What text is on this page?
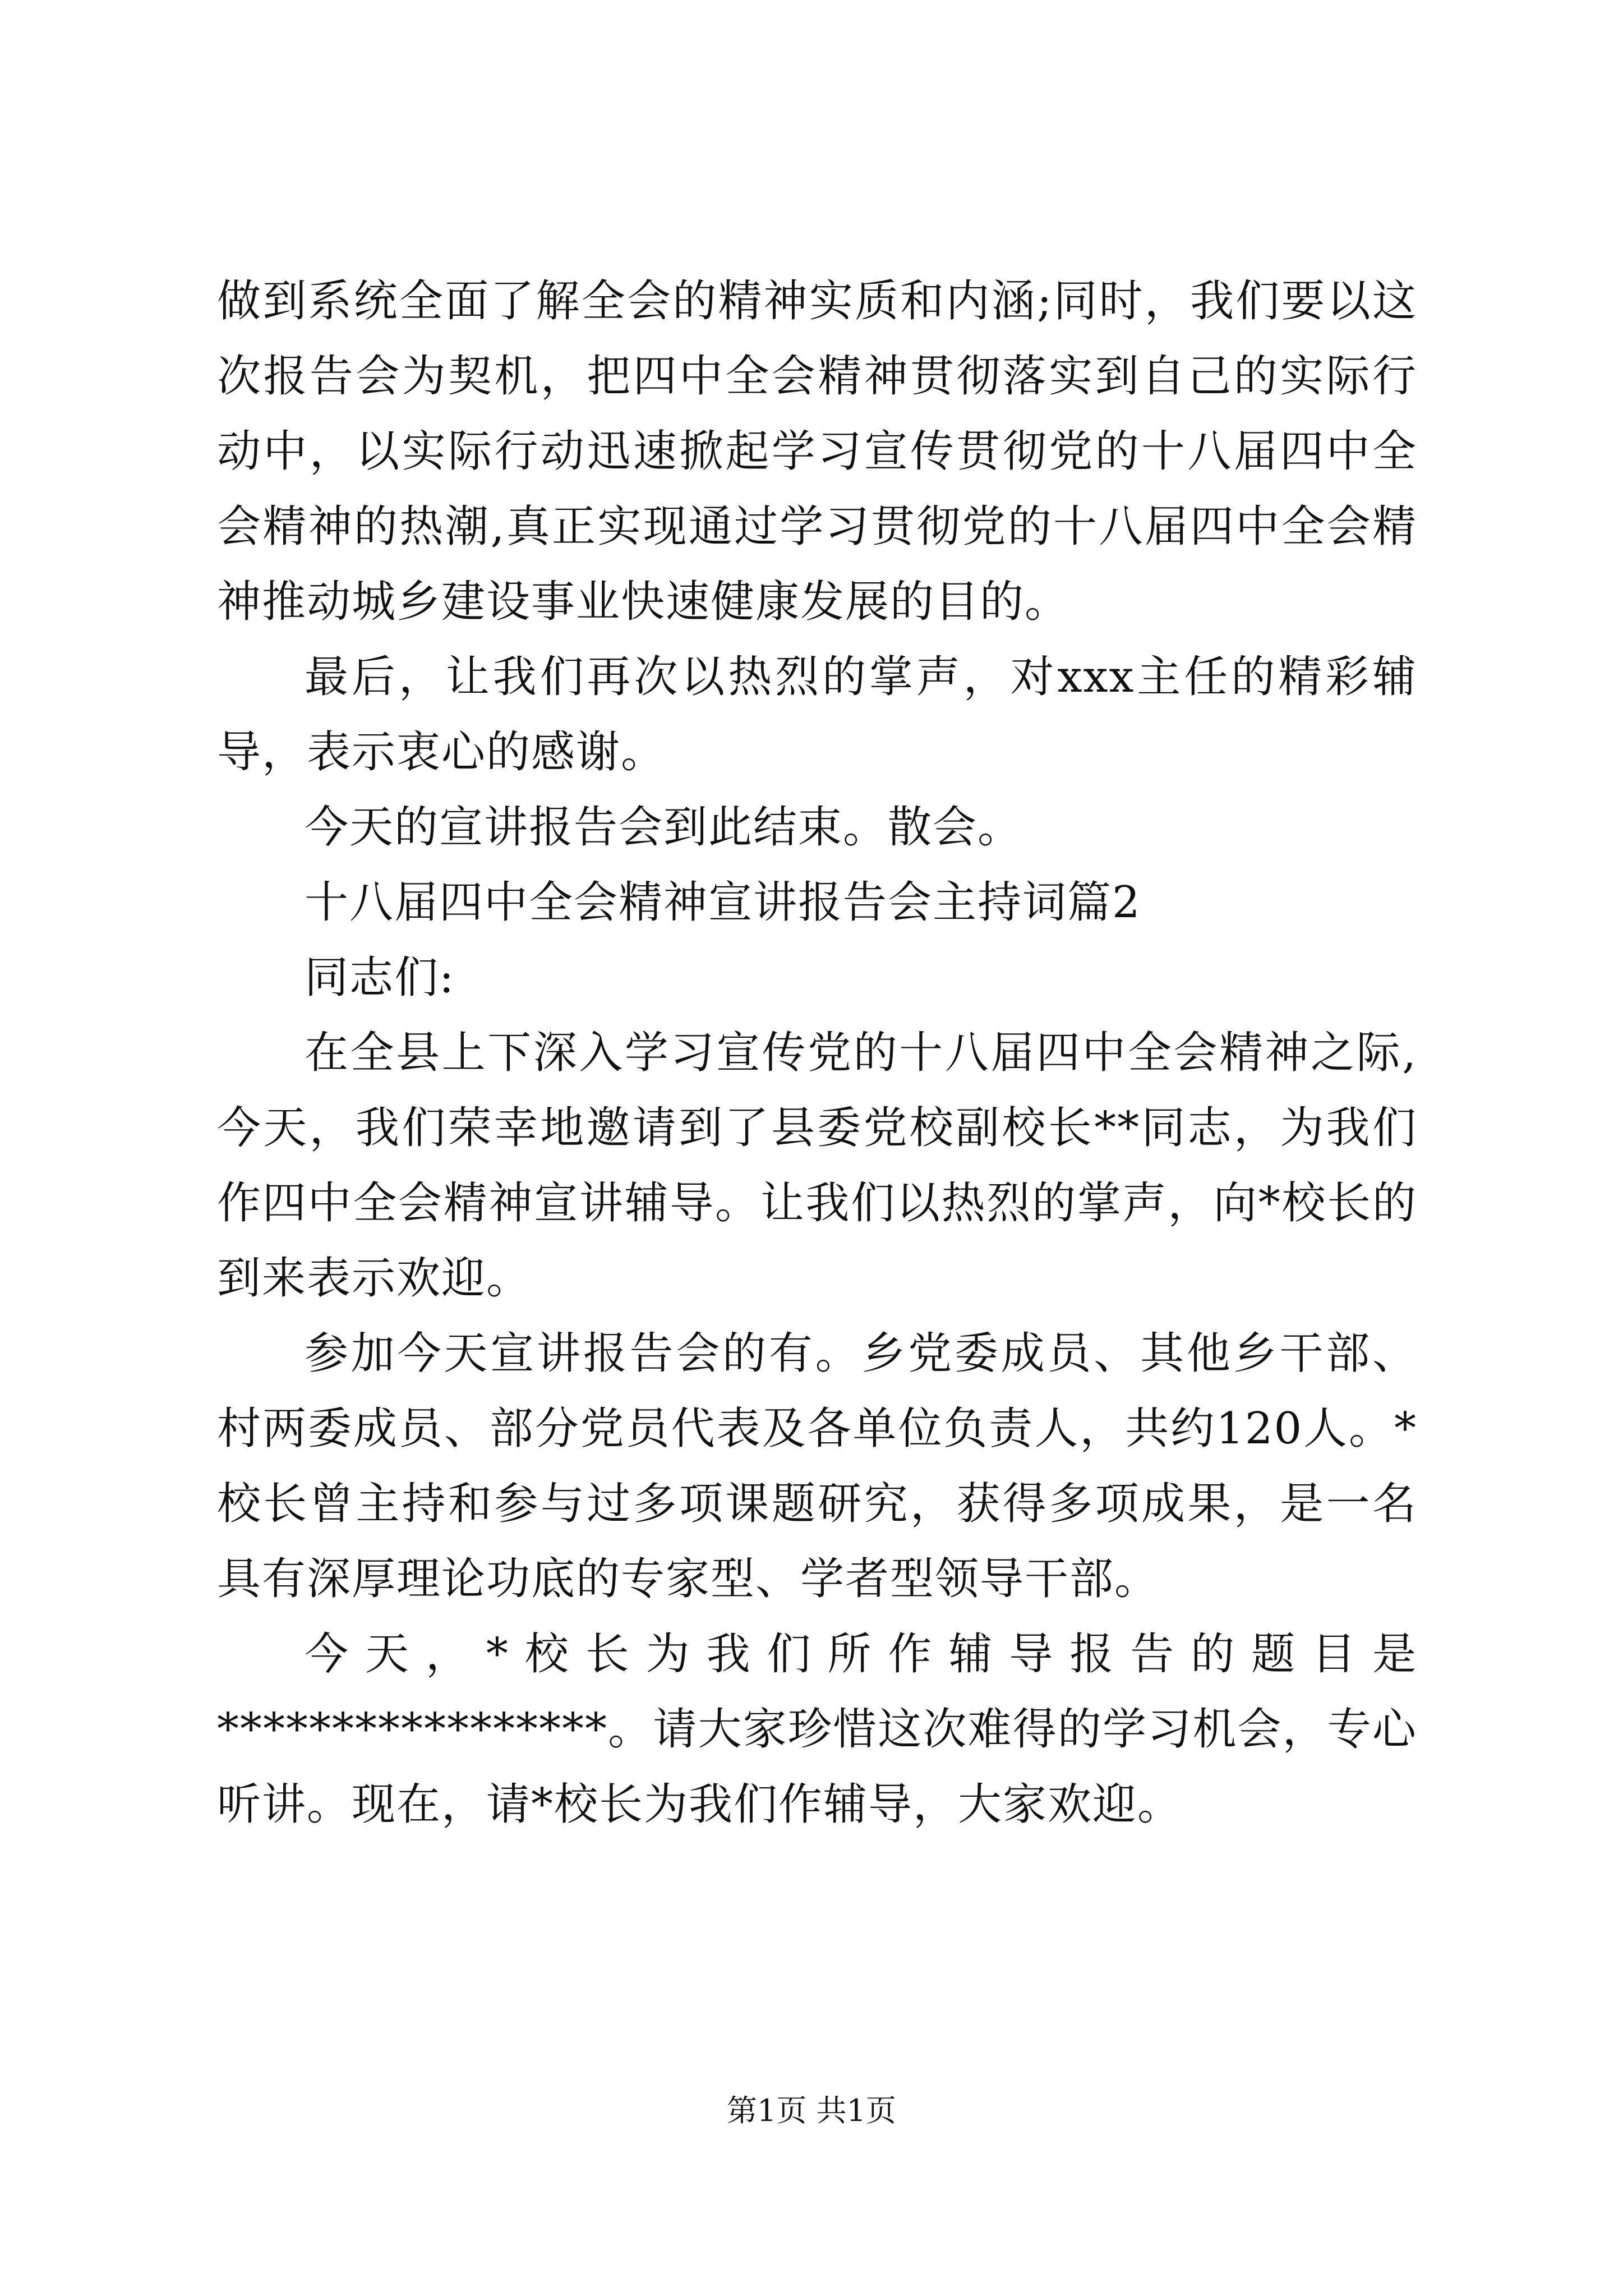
做到系统全面了解全会的精神实质和内涵;同时，我们要以这次报告会为契机，把四中全会精神贯彻落实到自己的实际行动中，以实际行动迅速掀起学习宣传贯彻党的十八届四中全会精神的热潮,真正实现通过学习贯彻党的十八届四中全会精神推动城乡建设事业快速健康发展的目的。

最后，让我们再次以热烈的掌声，对xxx主任的精彩辅导，表示衷心的感谢。

今天的宣讲报告会到此结束。散会。

十八届四中全会精神宣讲报告会主持词篇2

同志们:

在全县上下深入学习宣传党的十八届四中全会精神之际,今天，我们荣幸地邀请到了县委党校副校长**同志，为我们作四中全会精神宣讲辅导。让我们以热烈的掌声，向*校长的到来表示欢迎。

参加今天宣讲报告会的有。乡党委成员、其他乡干部、村两委成员、部分党员代表及各单位负责人，共约120人。*校长曾主持和参与过多项课题研究，获得多项成果，是一名具有深厚理论功底的专家型、学者型领导干部。

今天，*校长为我们所作辅导报告的题目是*****************。请大家珍惜这次难得的学习机会，专心听讲。现在，请*校长为我们作辅导，大家欢迎。

第1页 共1页
